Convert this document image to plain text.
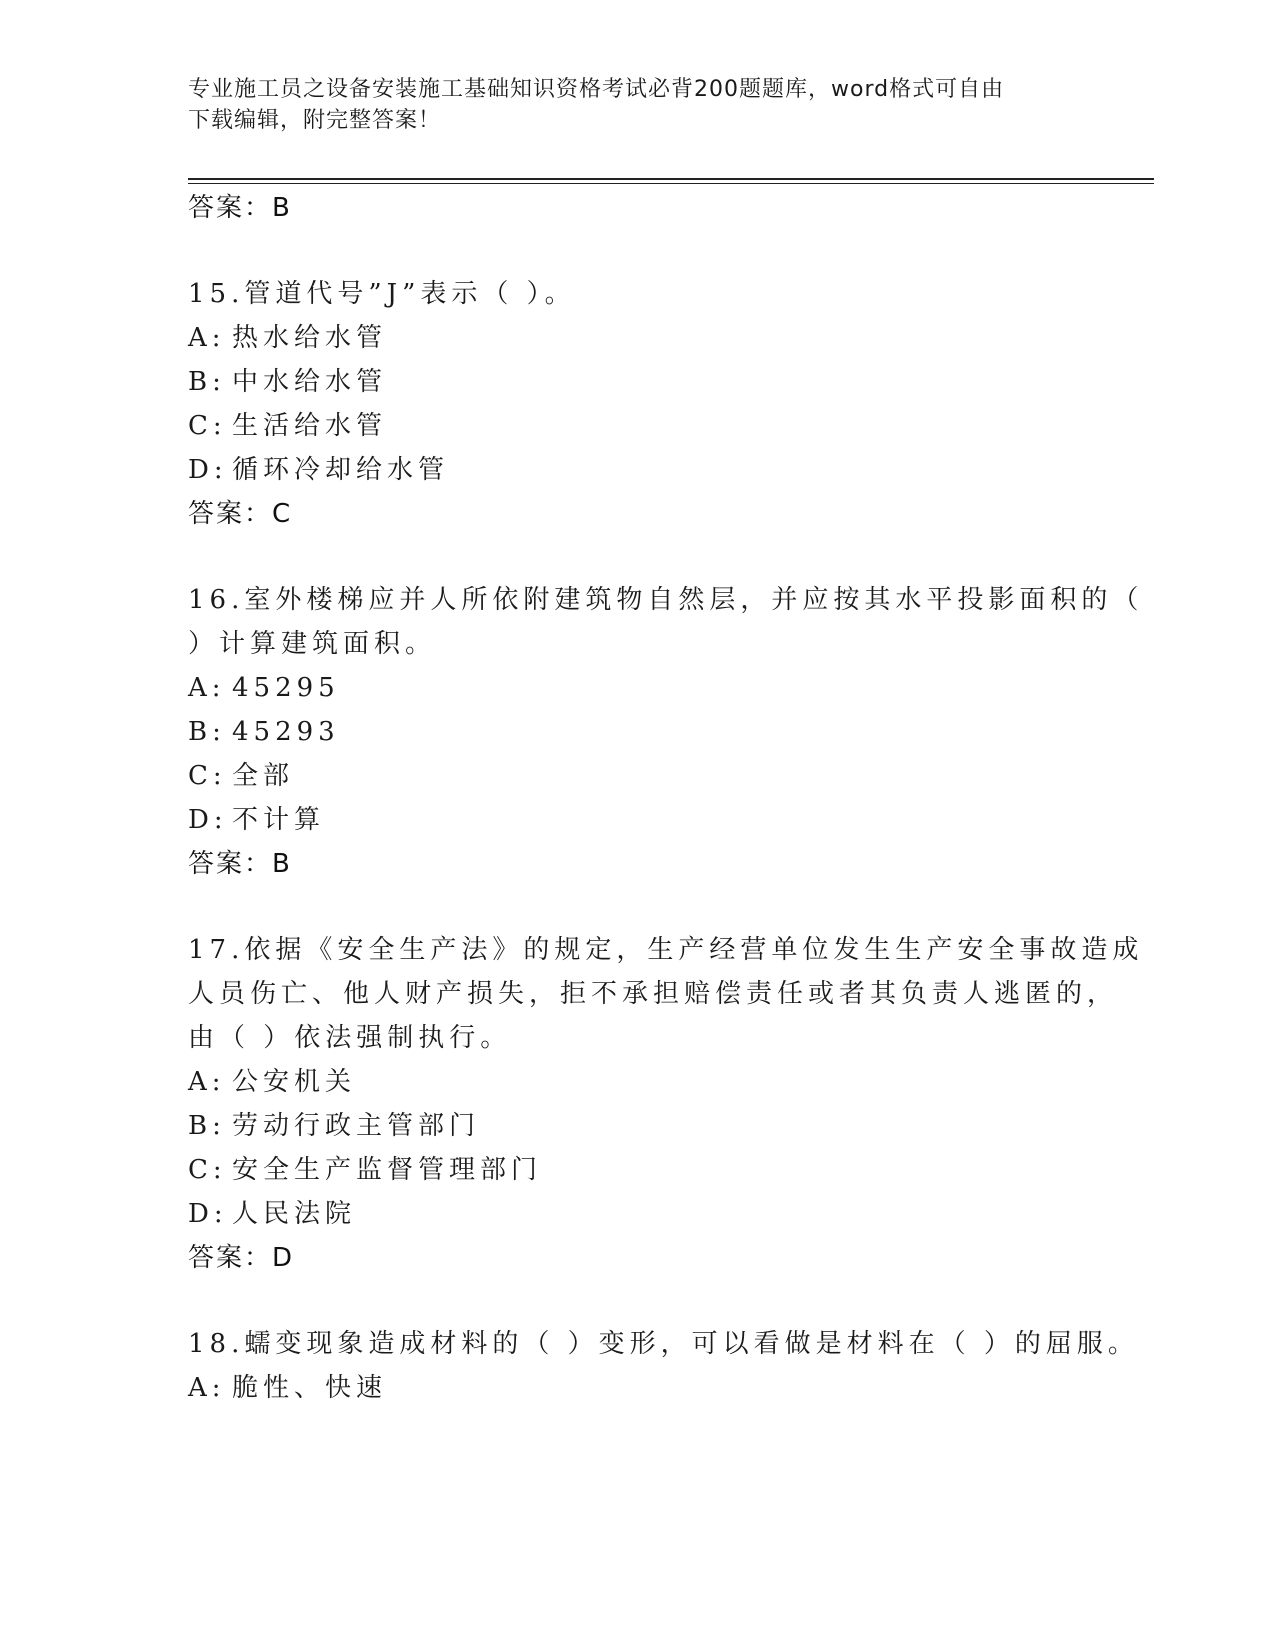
专业施工员之设备安装施工基础知识资格考试必背200题题库，word格式可自由
下载编辑，附完整答案！
答案：B
15.管道代号”J”表示（ ）。
A: 热水给水管
B: 中水给水管
C: 生活给水管
D: 循环冷却给水管
答案：C
16.室外楼梯应并人所依附建筑物自然层，并应按其水平投影面积的（
）计算建筑面积。
A: 45295
B: 45293
C: 全部
D: 不计算
答案：B
17.依据《安全生产法》的规定，生产经营单位发生生产安全事故造成
人员伤亡、他人财产损失，拒不承担赔偿责任或者其负责人逃匿的，
由（ ）依法强制执行。
A: 公安机关
B: 劳动行政主管部门
C: 安全生产监督管理部门
D: 人民法院
答案：D
18.蠕变现象造成材料的（ ）变形，可以看做是材料在（ ）的屈服。
A: 脆性、快速
